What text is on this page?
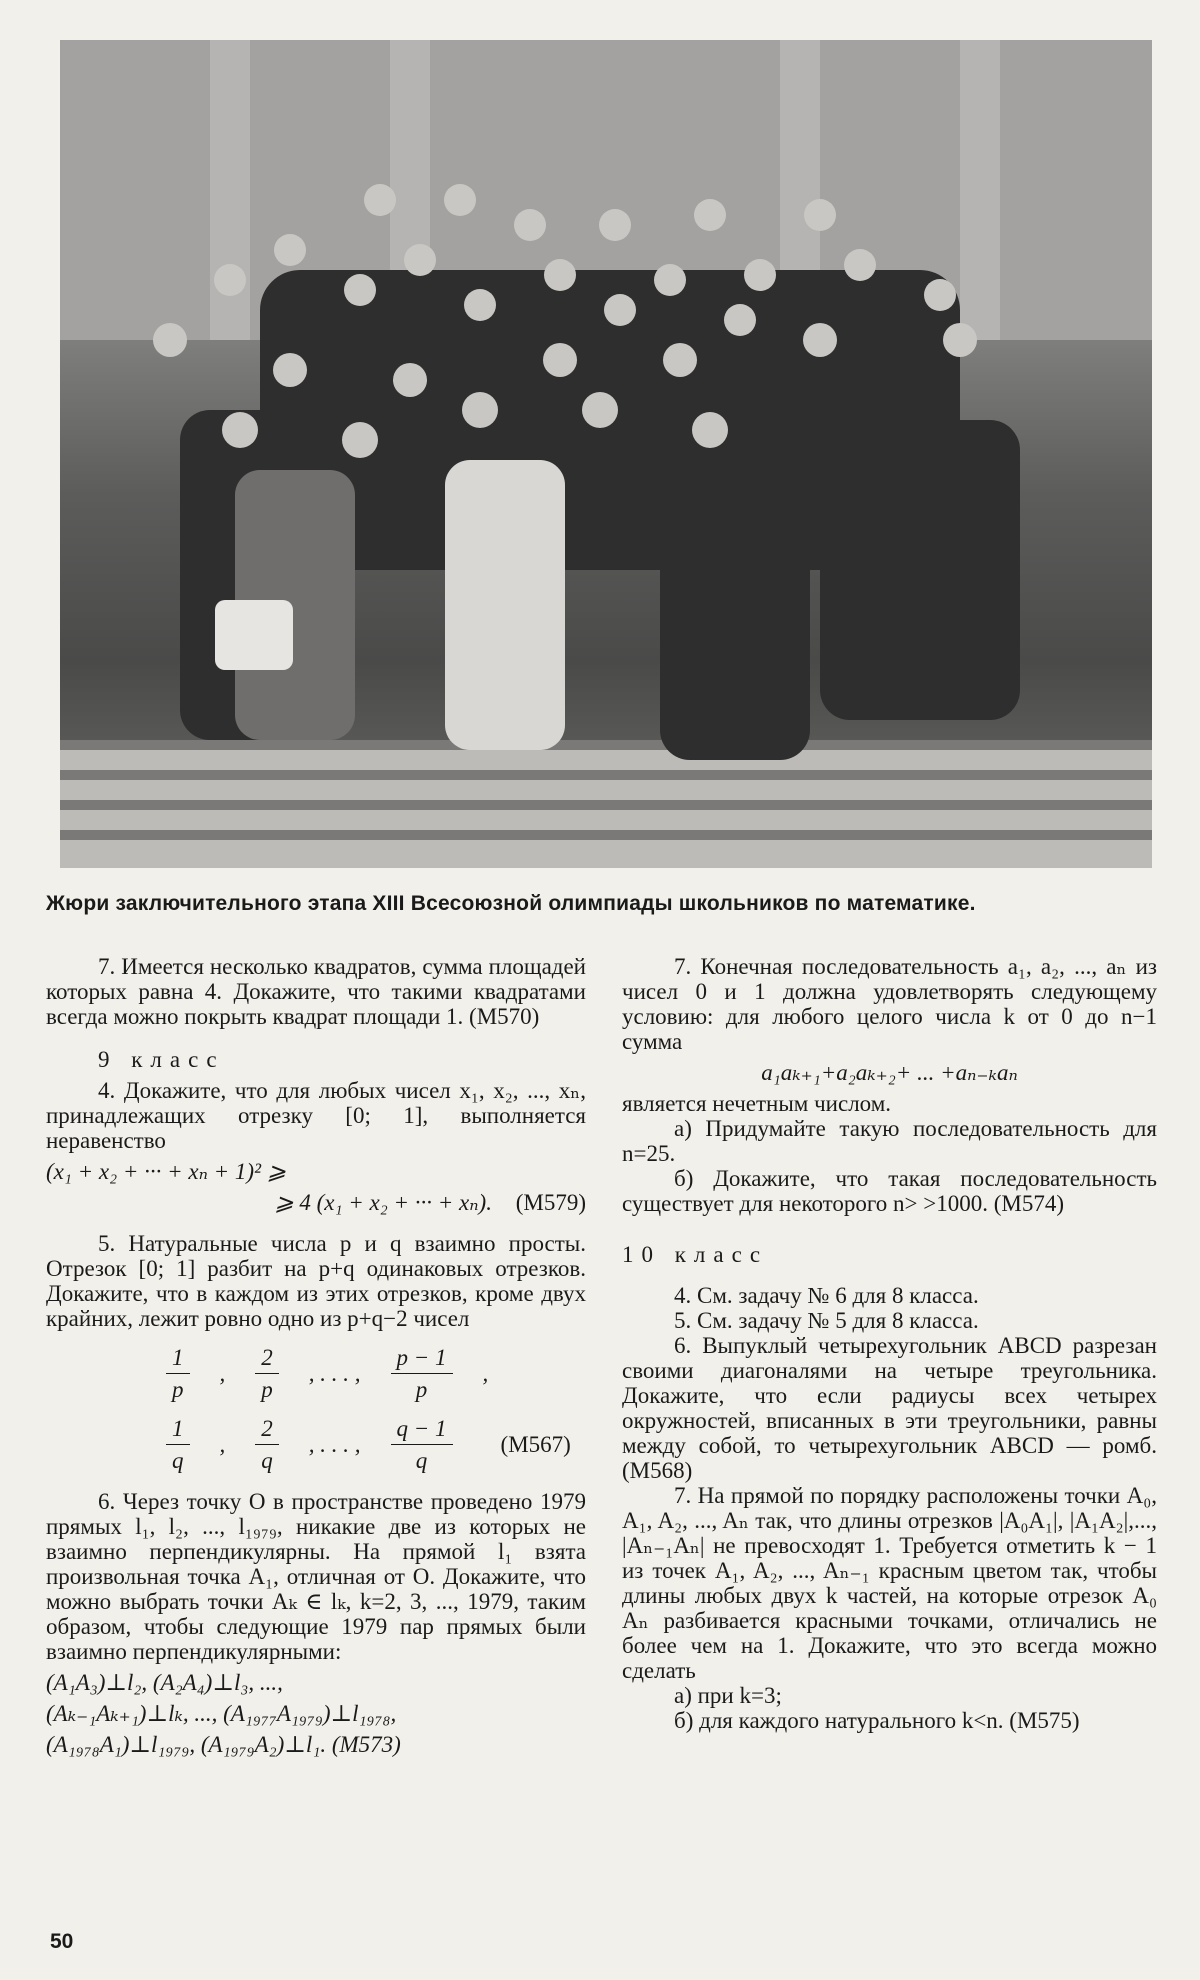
Жюри заключительного этапа XIII Всесоюзной олимпиады школьников по математике.

7. Имеется несколько квадратов, сумма площадей которых равна 4. Докажите, что такими квадратами всегда можно покрыть квадрат площади 1. (М570)

9 класс

4. Докажите, что для любых чисел x₁, x₂, ..., xₙ, принадлежащих отрезку [0; 1], выполняется неравенство

(x₁ + x₂ + ··· + xₙ + 1)² ⩾
⩾ 4 (x₁ + x₂ + ··· + xₙ). (М579)

5. Натуральные числа p и q взаимно просты. Отрезок [0; 1] разбит на p+q одинаковых отрезков. Докажите, что в каждом из этих отрезков, кроме двух крайних, лежит ровно одно из p+q−2 чисел

$\frac{1}{p}$ , $\frac{2}{p}$ , . . . , $\frac{p - 1}{p}$ ,
$\frac{1}{q}$ , $\frac{2}{q}$ , . . . , $\frac{q - 1}{q} (М567)$

6. Через точку O в пространстве проведено 1979 прямых l₁, l₂, ..., l₁₉₇₉, никакие две из которых не взаимно перпендикулярны. На прямой l₁ взята произвольная точка A₁, отличная от O. Докажите, что можно выбрать точки Aₖ ∈ lₖ, k=2, 3, ..., 1979, таким образом, чтобы следующие 1979 пар прямых были взаимно перпендикулярными:

(A₁A₃)⊥l₂, (A₂A₄)⊥l₃, ...,
(Aₖ₋₁Aₖ₊₁)⊥lₖ, ..., (A₁₉₇₇A₁₉₇₉)⊥l₁₉₇₈,
(A₁₉₇₈A₁)⊥l₁₉₇₉, (A₁₉₇₉A₂)⊥l₁. (М573)

7. Конечная последовательность a₁, a₂, ..., aₙ из чисел 0 и 1 должна удовлетворять следующему условию: для любого целого числа k от 0 до n−1 сумма

a₁aₖ₊₁+a₂aₖ₊₂+ ... +aₙ₋ₖaₙ

является нечетным числом.

а) Придумайте такую последовательность для n=25.

б) Докажите, что такая последовательность существует для некоторого n> >1000. (М574)

10 класс

4. См. задачу № 6 для 8 класса.

5. См. задачу № 5 для 8 класса.

6. Выпуклый четырехугольник ABCD разрезан своими диагоналями на четыре треугольника. Докажите, что если радиусы всех четырех окружностей, вписанных в эти треугольники, равны между собой, то четырехугольник ABCD — ромб. (М568)

7. На прямой по порядку расположены точки A₀, A₁, A₂, ..., Aₙ так, что длины отрезков |A₀A₁|, |A₁A₂|,..., |Aₙ₋₁Aₙ| не превосходят 1. Требуется отметить k − 1 из точек A₁, A₂, ..., Aₙ₋₁ красным цветом так, чтобы длины любых двух k частей, на которые отрезок A₀ Aₙ разбивается красными точками, отличались не более чем на 1. Докажите, что это всегда можно сделать

а) при k=3;

б) для каждого натурального k<n. (М575)

50
